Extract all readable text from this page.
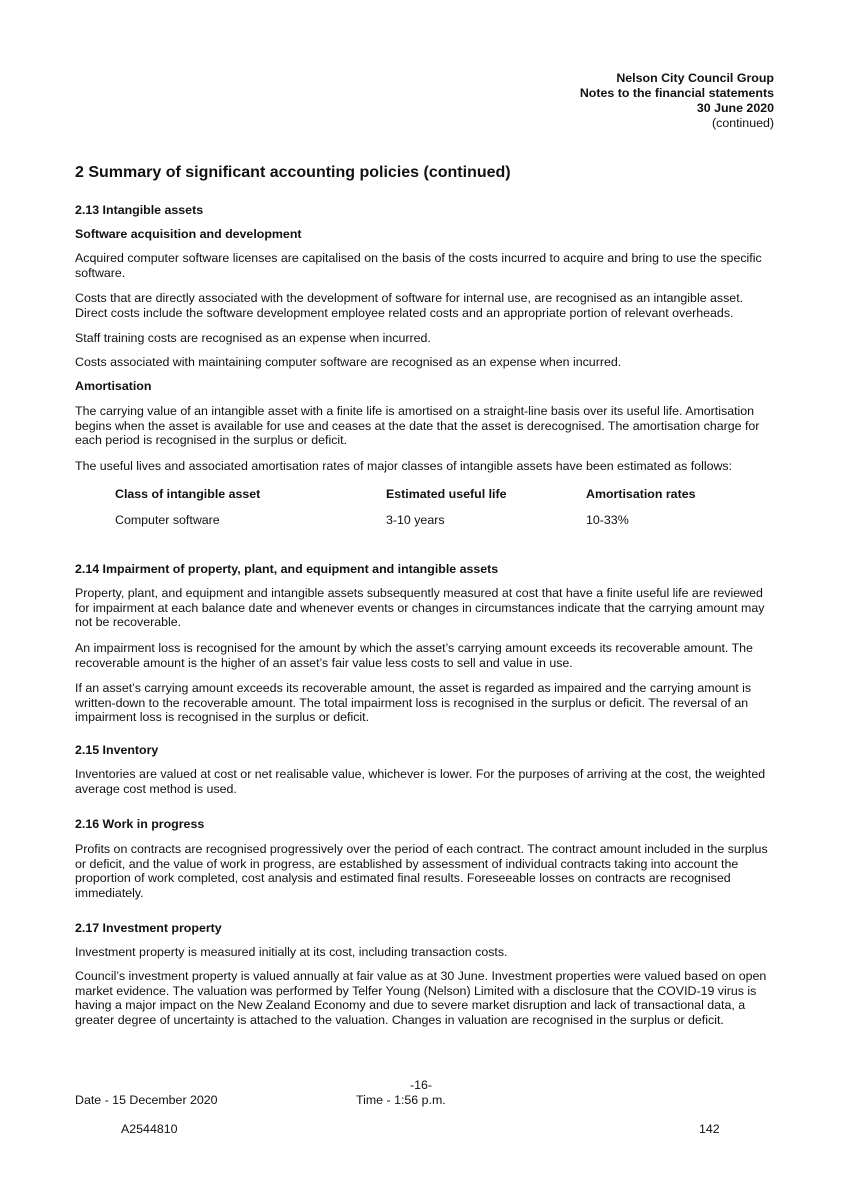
Nelson City Council Group
Notes to the financial statements
30 June 2020
(continued)
2 Summary of significant accounting policies (continued)
2.13 Intangible assets
Software acquisition and development

Acquired computer software licenses are capitalised on the basis of the costs incurred to acquire and bring to use the specific software.

Costs that are directly associated with the development of software for internal use, are recognised as an intangible asset. Direct costs include the software development employee related costs and an appropriate portion of relevant overheads.

Staff training costs are recognised as an expense when incurred.

Costs associated with maintaining computer software are recognised as an expense when incurred.

Amortisation

The carrying value of an intangible asset with a finite life is amortised on a straight-line basis over its useful life. Amortisation begins when the asset is available for use and ceases at the date that the asset is derecognised. The amortisation charge for each period is recognised in the surplus or deficit.

The useful lives and associated amortisation rates of major classes of intangible assets have been estimated as follows:

Class of intangible asset	Estimated useful life	Amortisation rates
Computer software	3-10 years	10-33%
2.14 Impairment of property, plant, and equipment and intangible assets

Property, plant, and equipment and intangible assets subsequently measured at cost that have a finite useful life are reviewed for impairment at each balance date and whenever events or changes in circumstances indicate that the carrying amount may not be recoverable.

An impairment loss is recognised for the amount by which the asset’s carrying amount exceeds its recoverable amount. The recoverable amount is the higher of an asset’s fair value less costs to sell and value in use.

If an asset’s carrying amount exceeds its recoverable amount, the asset is regarded as impaired and the carrying amount is written-down to the recoverable amount. The total impairment loss is recognised in the surplus or deficit. The reversal of an impairment loss is recognised in the surplus or deficit.

2.15 Inventory

Inventories are valued at cost or net realisable value, whichever is lower. For the purposes of arriving at the cost, the weighted average cost method is used.

2.16 Work in progress

Profits on contracts are recognised progressively over the period of each contract. The contract amount included in the surplus or deficit, and the value of work in progress, are established by assessment of individual contracts taking into account the proportion of work completed, cost analysis and estimated final results. Foreseeable losses on contracts are recognised immediately.

2.17 Investment property

Investment property is measured initially at its cost, including transaction costs.

Council’s investment property is valued annually at fair value as at 30 June. Investment properties were valued based on open market evidence. The valuation was performed by Telfer Young (Nelson) Limited with a disclosure that the COVID-19 virus is having a major impact on the New Zealand Economy and due to severe market disruption and lack of transactional data, a greater degree of uncertainty is attached to the valuation. Changes in valuation are recognised in the surplus or deficit.

-16-
Date - 15 December 2020	Time - 1:56 p.m.
A2544810	142
